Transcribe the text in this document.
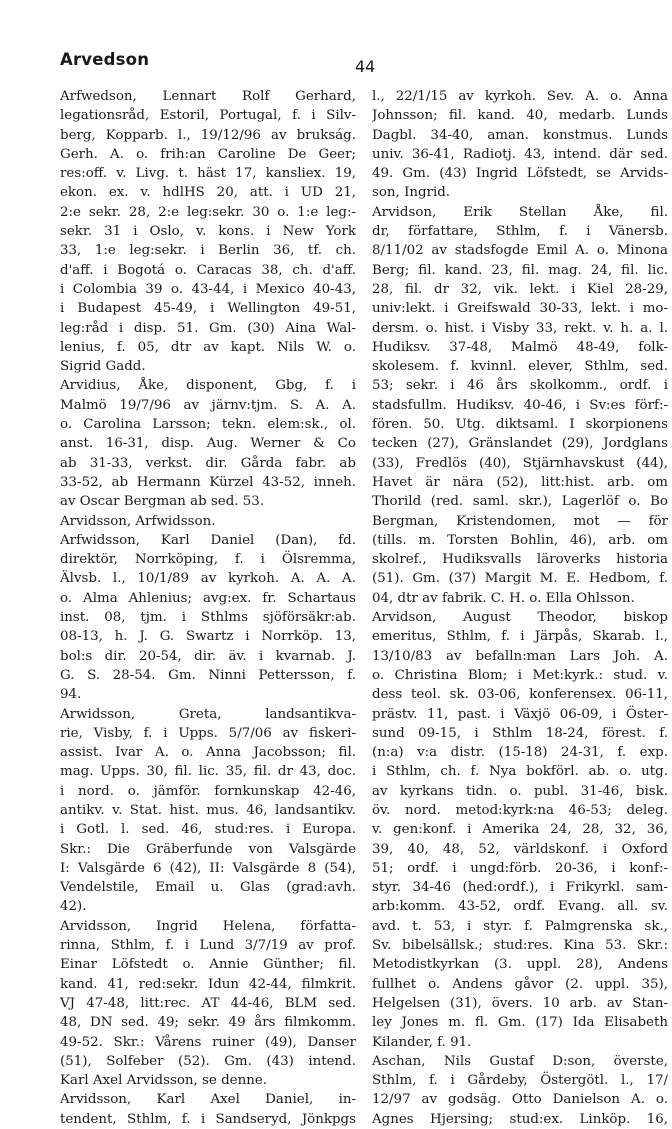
Arvedson	44
Arfwedson, Lennart Rolf Gerhard,
legationsråd, Estoril, Portugal, f. i Silv-
berg, Kopparb. l., 19/12/96 av brukság.
Gerh. A. o. frih:an Caroline De Geer;
res:off. v. Livg. t. häst 17, kansliex. 19,
ekon. ex. v. hdlHS 20, att. i UD 21,
2:e sekr. 28, 2:e leg:sekr. 30 o. 1:e leg:-
sekr. 31 i Oslo, v. kons. i New York
33, 1:e leg:sekr. i Berlin 36, tf. ch.
d'aff. i Bogotá o. Caracas 38, ch. d'aff.
i Colombia 39 o. 43-44, i Mexico 40-43,
i Budapest 45-49, i Wellington 49-51,
leg:råd i disp. 51. Gm. (30) Aina Wal-
lenius, f. 05, dtr av kapt. Nils W. o.
Sigrid Gadd.
Arvidius, Åke, disponent, Gbg, f. i
Malmö 19/7/96 av järnv:tjm. S. A. A.
o. Carolina Larsson; tekn. elem:sk., ol.
anst. 16-31, disp. Aug. Werner & Co
ab 31-33, verkst. dir. Gårda fabr. ab
33-52, ab Hermann Kürzel 43-52, inneh.
av Oscar Bergman ab sed. 53.
Arvidsson, Arfwidsson.
Arfwidsson, Karl Daniel (Dan), fd.
direktör, Norrköping, f. i Ölsremma,
Älvsb. l., 10/1/89 av kyrkoh. A. A. A.
o. Alma Ahlenius; avg:ex. fr. Schartaus
inst. 08, tjm. i Sthlms sjöförsäkr:ab.
08-13, h. J. G. Swartz i Norrköp. 13,
bol:s dir. 20-54, dir. äv. i kvarnab. J.
G. S. 28-54. Gm. Ninni Pettersson, f.
94.
Arwidsson, Greta, landsantikva-
rie, Visby, f. i Upps. 5/7/06 av fiskeri-
assist. Ivar A. o. Anna Jacobsson; fil.
mag. Upps. 30, fil. lic. 35, fil. dr 43, doc.
i nord. o. jämför. fornkunskap 42-46,
antikv. v. Stat. hist. mus. 46, landsantikv.
i Gotl. l. sed. 46, stud:res. i Europa.
Skr.: Die Gräberfunde von Valsgärde
I: Valsgärde 6 (42), II: Valsgärde 8 (54),
Vendelstile, Email u. Glas (grad:avh.
42).
Arvidsson, Ingrid Helena, författa-
rinna, Sthlm, f. i Lund 3/7/19 av prof.
Einar Löfstedt o. Annie Günther; fil.
kand. 41, red:sekr. Idun 42-44, filmkrit.
VJ 47-48, litt:rec. AT 44-46, BLM sed.
48, DN sed. 49; sekr. 49 års filmkomm.
49-52. Skr.: Vårens ruiner (49), Danser
(51), Solfeber (52). Gm. (43) intend.
Karl Axel Arvidsson, se denne.
Arvidsson, Karl Axel Daniel, in-
tendent, Sthlm, f. i Sandseryd, Jönkpgs
l., 22/1/15 av kyrkoh. Sev. A. o. Anna
Johnsson; fil. kand. 40, medarb. Lunds
Dagbl. 34-40, aman. konstmus. Lunds
univ. 36-41, Radiotj. 43, intend. där sed.
49. Gm. (43) Ingrid Löfstedt, se Arvids-
son, Ingrid.
Arvidson, Erik Stellan Åke, fil.
dr, författare, Sthlm, f. i Vänersb.
8/11/02 av stadsfogde Emil A. o. Minona
Berg; fil. kand. 23, fil. mag. 24, fil. lic.
28, fil. dr 32, vik. lekt. i Kiel 28-29,
univ:lekt. i Greifswald 30-33, lekt. i mo-
dersm. o. hist. i Visby 33, rekt. v. h. a. l.
Hudiksv. 37-48, Malmö 48-49, folk-
skolesem. f. kvinnl. elever, Sthlm, sed.
53; sekr. i 46 års skolkomm., ordf. i
stadsfullm. Hudiksv. 40-46, i Sv:es förf:-
fören. 50. Utg. diktsaml. I skorpionens
tecken (27), Gränslandet (29), Jordglans
(33), Fredlös (40), Stjärnhavskust (44),
Havet är nära (52), litt:hist. arb. om
Thorild (red. saml. skr.), Lagerlöf o. Bo
Bergman, Kristendomen, mot — för
(tills. m. Torsten Bohlin, 46), arb. om
skolref., Hudiksvalls läroverks historia
(51). Gm. (37) Margit M. E. Hedbom, f.
04, dtr av fabrik. C. H. o. Ella Ohlsson.
Arvidson, August Theodor, biskop
emeritus, Sthlm, f. i Järpås, Skarab. l.,
13/10/83 av befalln:man Lars Joh. A.
o. Christina Blom; i Met:kyrk.: stud. v.
dess teol. sk. 03-06, konferensex. 06-11,
prästv. 11, past. i Växjö 06-09, i Öster-
sund 09-15, i Sthlm 18-24, förest. f.
(n:a) v:a distr. (15-18) 24-31, f. exp.
i Sthlm, ch. f. Nya bokförl. ab. o. utg.
av kyrkans tidn. o. publ. 31-46, bisk.
öv. nord. metod:kyrk:na 46-53; deleg.
v. gen:konf. i Amerika 24, 28, 32, 36,
39, 40, 48, 52, världskonf. i Oxford
51; ordf. i ungd:förb. 20-36, i konf:-
styr. 34-46 (hed:ordf.), i Frikyrkl. sam-
arb:komm. 43-52, ordf. Evang. all. sv.
avd. t. 53, i styr. f. Palmgrenska sk.,
Sv. bibelsällsk.; stud:res. Kina 53. Skr.:
Metodistkyrkan (3. uppl. 28), Andens
fullhet o. Andens gåvor (2. uppl. 35),
Helgelsen (31), övers. 10 arb. av Stan-
ley Jones m. fl. Gm. (17) Ida Elisabeth
Kilander, f. 91.
Aschan, Nils Gustaf D:son, överste,
Sthlm, f. i Gårdeby, Östergötl. l., 17/
12/97 av godsäg. Otto Danielson A. o.
Agnes Hjersing; stud:ex. Linköp. 16,
